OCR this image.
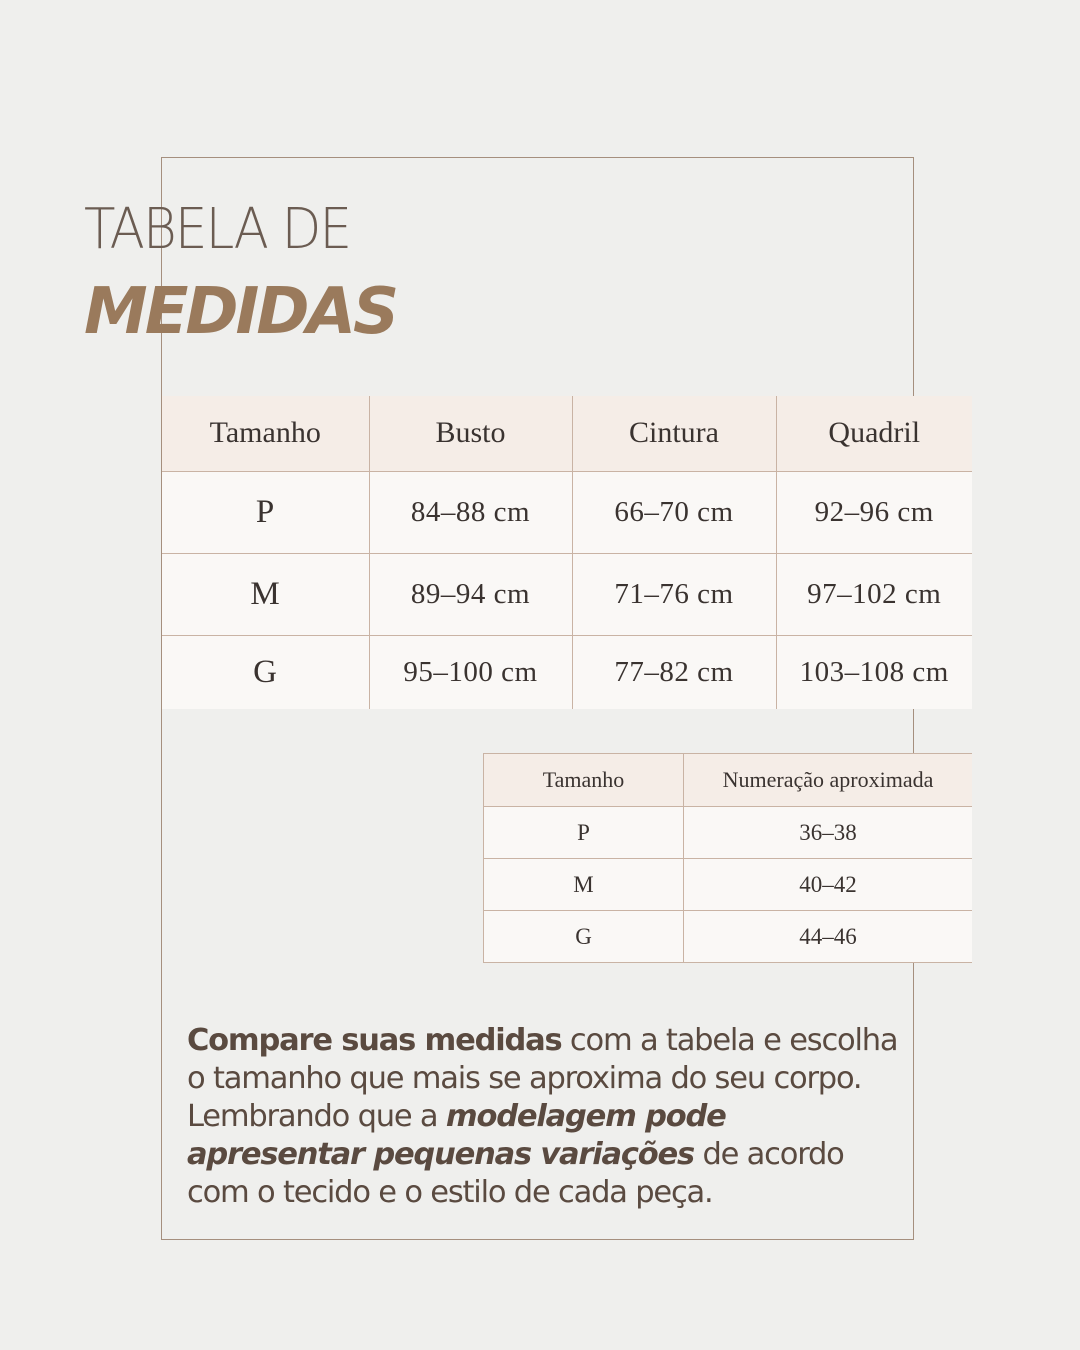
TABELA DE
MEDIDAS
Tamanho	Busto	Cintura	Quadril
P	84–88 cm	66–70 cm	92–96 cm
M	89–94 cm	71–76 cm	97–102 cm
G	95–100 cm	77–82 cm	103–108 cm
Tamanho	Numeração aproximada
P	36–38
M	40–42
G	44–46

Compare suas medidas com a tabela e escolha o tamanho que mais se aproxima do seu corpo. Lembrando que a modelagem pode apresentar pequenas variações de acordo com o tecido e o estilo de cada peça.
